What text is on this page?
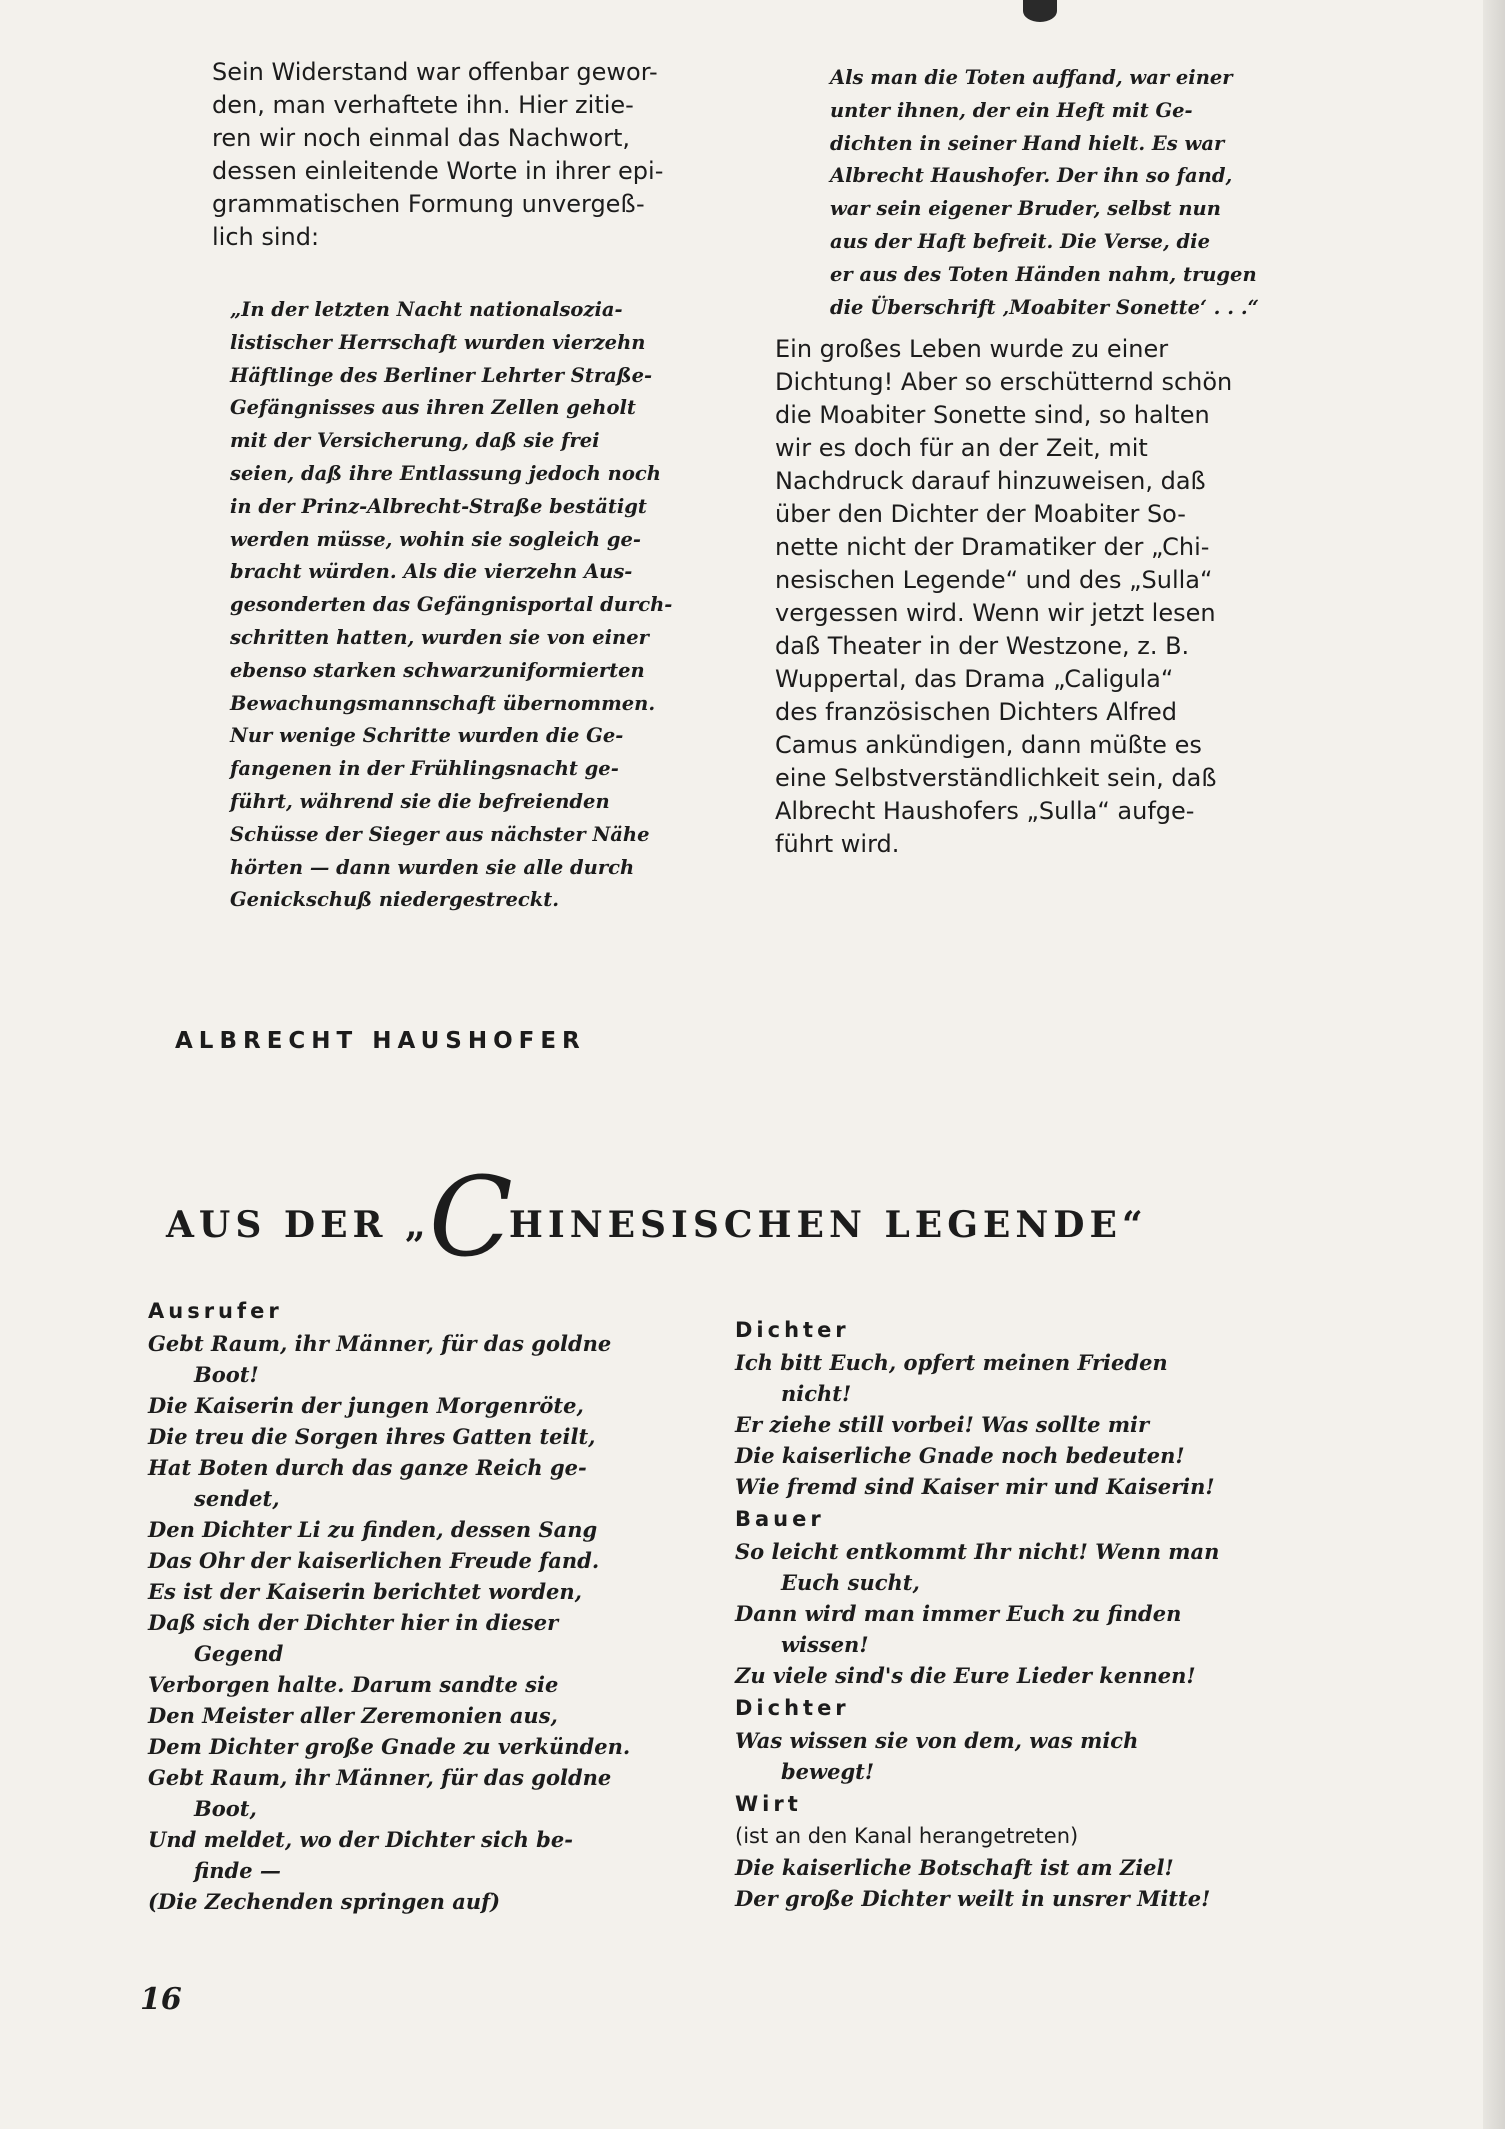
Sein Widerstand war offenbar gewor-
den, man verhaftete ihn. Hier zitie-
ren wir noch einmal das Nachwort,
dessen einleitende Worte in ihrer epi-
grammatischen Formung unvergeß-
lich sind:
„In der letzten Nacht nationalsozia-
listischer Herrschaft wurden vierzehn
Häftlinge des Berliner Lehrter Straße-
Gefängnisses aus ihren Zellen geholt
mit der Versicherung, daß sie frei
seien, daß ihre Entlassung jedoch noch
in der Prinz-Albrecht-Straße bestätigt
werden müsse, wohin sie sogleich ge-
bracht würden. Als die vierzehn Aus-
gesonderten das Gefängnisportal durch-
schritten hatten, wurden sie von einer
ebenso starken schwarzuniformierten
Bewachungsmannschaft übernommen.
Nur wenige Schritte wurden die Ge-
fangenen in der Frühlingsnacht ge-
führt, während sie die befreienden
Schüsse der Sieger aus nächster Nähe
hörten — dann wurden sie alle durch
Genickschuß niedergestreckt.
Als man die Toten auffand, war einer
unter ihnen, der ein Heft mit Ge-
dichten in seiner Hand hielt. Es war
Albrecht Haushofer. Der ihn so fand,
war sein eigener Bruder, selbst nun
aus der Haft befreit. Die Verse, die
er aus des Toten Händen nahm, trugen
die Überschrift ‚Moabiter Sonette‘ . . .“
Ein großes Leben wurde zu einer
Dichtung! Aber so erschütternd schön
die Moabiter Sonette sind, so halten
wir es doch für an der Zeit, mit
Nachdruck darauf hinzuweisen, daß
über den Dichter der Moabiter So-
nette nicht der Dramatiker der „Chi-
nesischen Legende“ und des „Sulla“
vergessen wird. Wenn wir jetzt lesen
daß Theater in der Westzone, z. B.
Wuppertal, das Drama „Caligula“
des französischen Dichters Alfred
Camus ankündigen, dann müßte es
eine Selbstverständlichkeit sein, daß
Albrecht Haushofers „Sulla“ aufge-
führt wird.
ALBRECHT HAUSHOFER
AUS DER „CHINESISCHEN LEGENDE“
Ausrufer
Gebt Raum, ihr Männer, für das goldne
Boot!
Die Kaiserin der jungen Morgenröte,
Die treu die Sorgen ihres Gatten teilt,
Hat Boten durch das ganze Reich ge-
sendet,
Den Dichter Li zu finden, dessen Sang
Das Ohr der kaiserlichen Freude fand.
Es ist der Kaiserin berichtet worden,
Daß sich der Dichter hier in dieser
Gegend
Verborgen halte. Darum sandte sie
Den Meister aller Zeremonien aus,
Dem Dichter große Gnade zu verkünden.
Gebt Raum, ihr Männer, für das goldne
Boot,
Und meldet, wo der Dichter sich be-
finde —
(Die Zechenden springen auf)
Dichter
Ich bitt Euch, opfert meinen Frieden
nicht!
Er ziehe still vorbei! Was sollte mir
Die kaiserliche Gnade noch bedeuten!
Wie fremd sind Kaiser mir und Kaiserin!
Bauer
So leicht entkommt Ihr nicht! Wenn man
Euch sucht,
Dann wird man immer Euch zu finden
wissen!
Zu viele sind's die Eure Lieder kennen!
Dichter
Was wissen sie von dem, was mich
bewegt!
Wirt
(ist an den Kanal herangetreten)
Die kaiserliche Botschaft ist am Ziel!
Der große Dichter weilt in unsrer Mitte!
16
